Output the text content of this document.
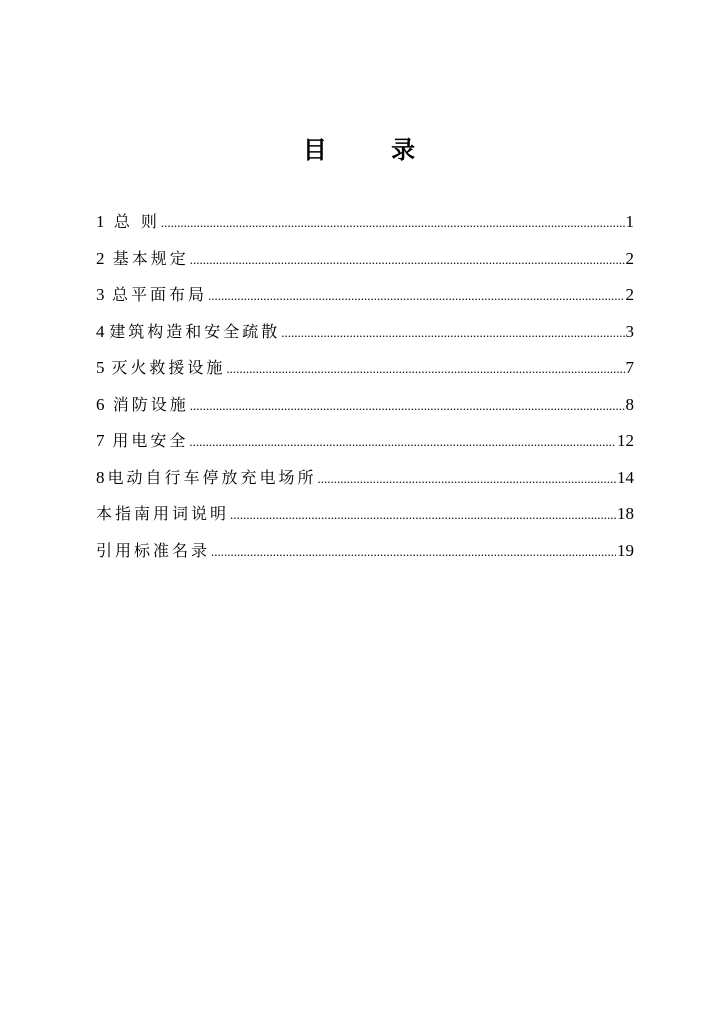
目 录
1 总 则 .....	1
2 基本规定 .....	2
3 总平面布局 .....	2
4 建筑构造和安全疏散 .....	3
5 灭火救援设施 .....	7
6 消防设施 .....	8
7 用电安全 .....	12
8 电动自行车停放充电场所 .....	14
本指南用词说明 .....	18
引用标准名录 .....	19
